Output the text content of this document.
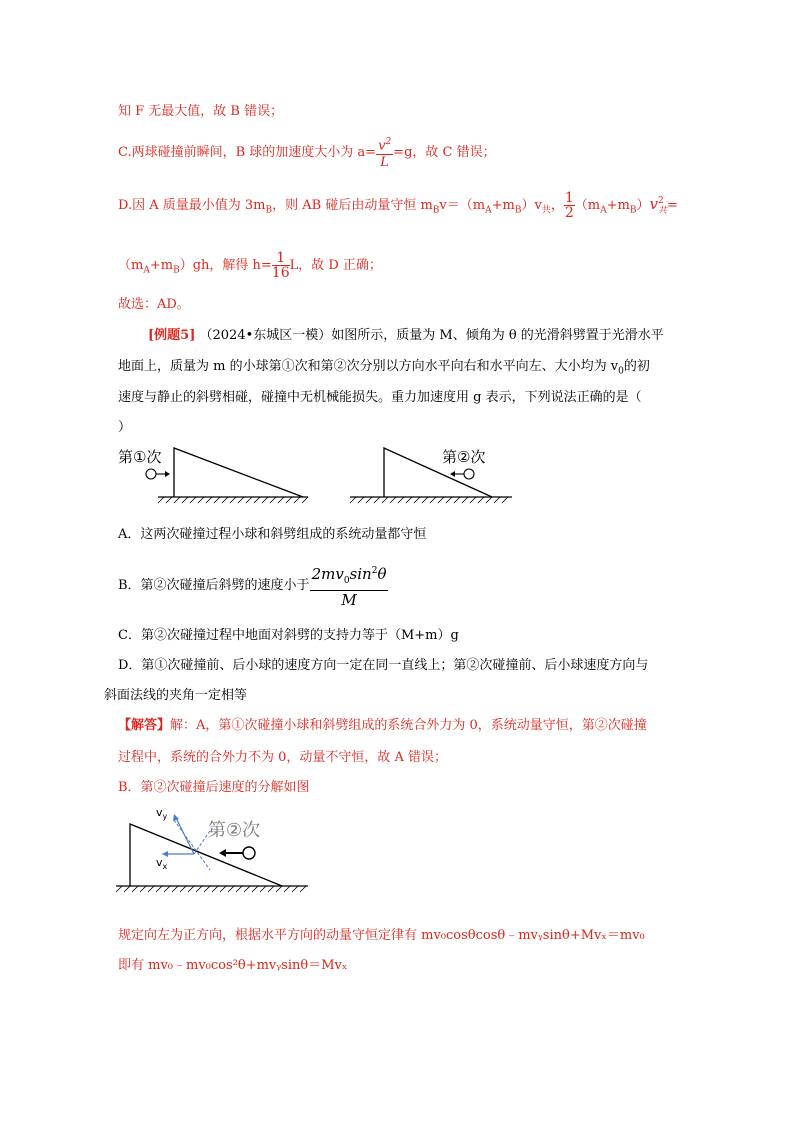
知 F 无最大值，故 B 错误；
C.两球碰撞前瞬间，B 球的加速度大小为 $a= \frac{v^2}{L} =g$，故 C 错误；
D.因 A 质量最小值为 $3m_B$，则 AB 碰后由动量守恒 $m_Bv=(m_A+m_B)v_共$， $\frac{1}{2} (m_A+m_B)v$ 2
共 =
$(m_A+m_B)gh$，解得 $h= \frac{1}{16}$ L，故 D 正确；
故选：AD。
[例题5] （2024•东城区一模）如图所示，质量为 M、倾角为 θ 的光滑斜劈置于光滑水平
地面上，质量为 m 的小球第①次和第②次分别以方向水平向右和水平向左、大小均为 $v_0$的初
速度与静止的斜劈相碰，碰撞中无机械能损失。重力加速度用 g 表示，下列说法正确的是（
）
第①次	第②次
A．这两次碰撞过程小球和斜劈组成的系统动量都守恒
B．第②次碰撞后斜劈的速度小于 $\frac{2mv_0\sin^2\theta}{M}$
C．第②次碰撞过程中地面对斜劈的支持力等于（M+m）g
D．第①次碰撞前、后小球的速度方向一定在同一直线上；第②次碰撞前、后小球速度方向与
斜面法线的夹角一定相等
【解答】解：A，第①次碰撞小球和斜劈组成的系统合外力为 0，系统动量守恒，第②次碰撞
过程中，系统的合外力不为 0，动量不守恒，故 A 错误；
B．第②次碰撞后速度的分解如图
第②次
$v_y$
$v_x$
规定向左为正方向，根据水平方向的动量守恒定律有 mv₀cosθcosθ﹣mvᵧsinθ+Mvₓ＝mv₀
即有 mv₀﹣mv₀cos²θ+mvᵧsinθ＝Mvₓ
